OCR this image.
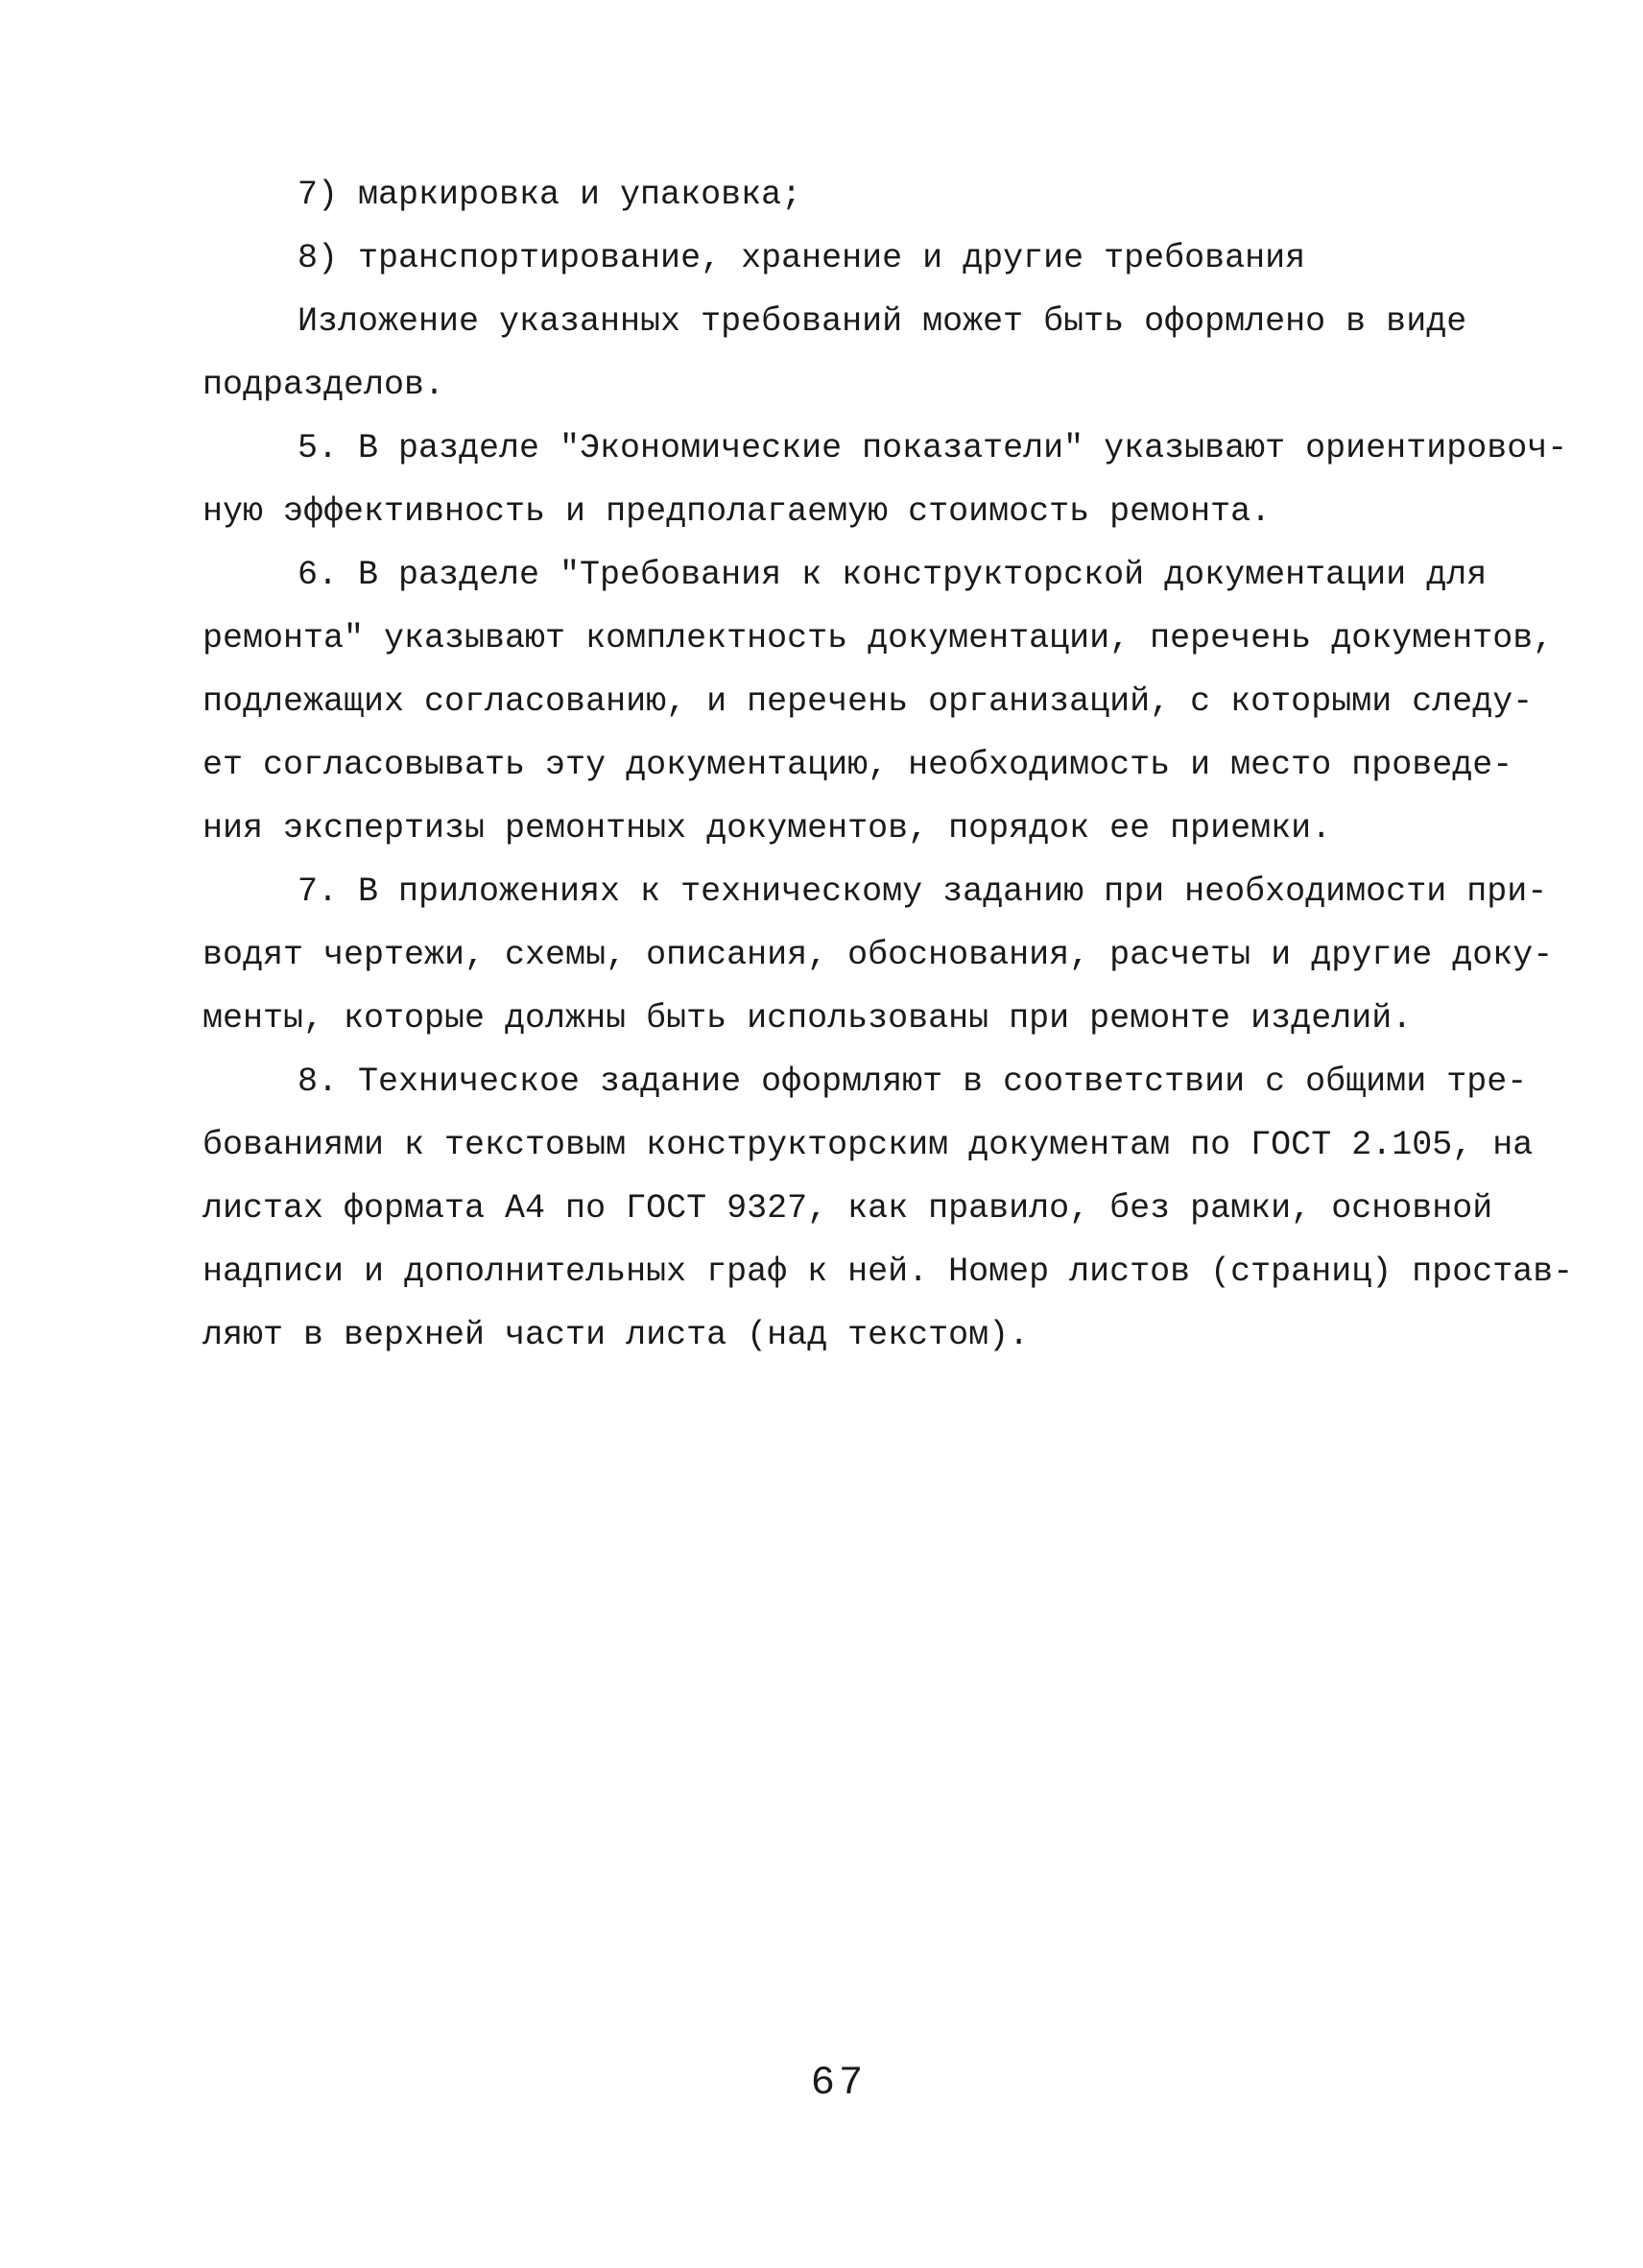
7) маркировка и упаковка;
8) транспортирование, хранение и другие требования
Изложение указанных требований может быть оформлено в виде
подразделов.
5. В разделе "Экономические показатели" указывают ориентировоч-
ную эффективность и предполагаемую стоимость ремонта.
6. В разделе "Требования к конструкторской документации для
ремонта" указывают комплектность документации, перечень документов,
подлежащих согласованию, и перечень организаций, с которыми следу-
ет согласовывать эту документацию, необходимость и место проведе-
ния экспертизы ремонтных документов, порядок ее приемки.
7. В приложениях к техническому заданию при необходимости при-
водят чертежи, схемы, описания, обоснования, расчеты и другие доку-
менты, которые должны быть использованы при ремонте изделий.
8. Техническое задание оформляют в соответствии с общими тре-
бованиями к текстовым конструкторским документам по ГОСТ 2.105, на
листах формата А4 по ГОСТ 9327, как правило, без рамки, основной
надписи и дополнительных граф к ней. Номер листов (страниц) простав-
ляют в верхней части листа (над текстом).
67
